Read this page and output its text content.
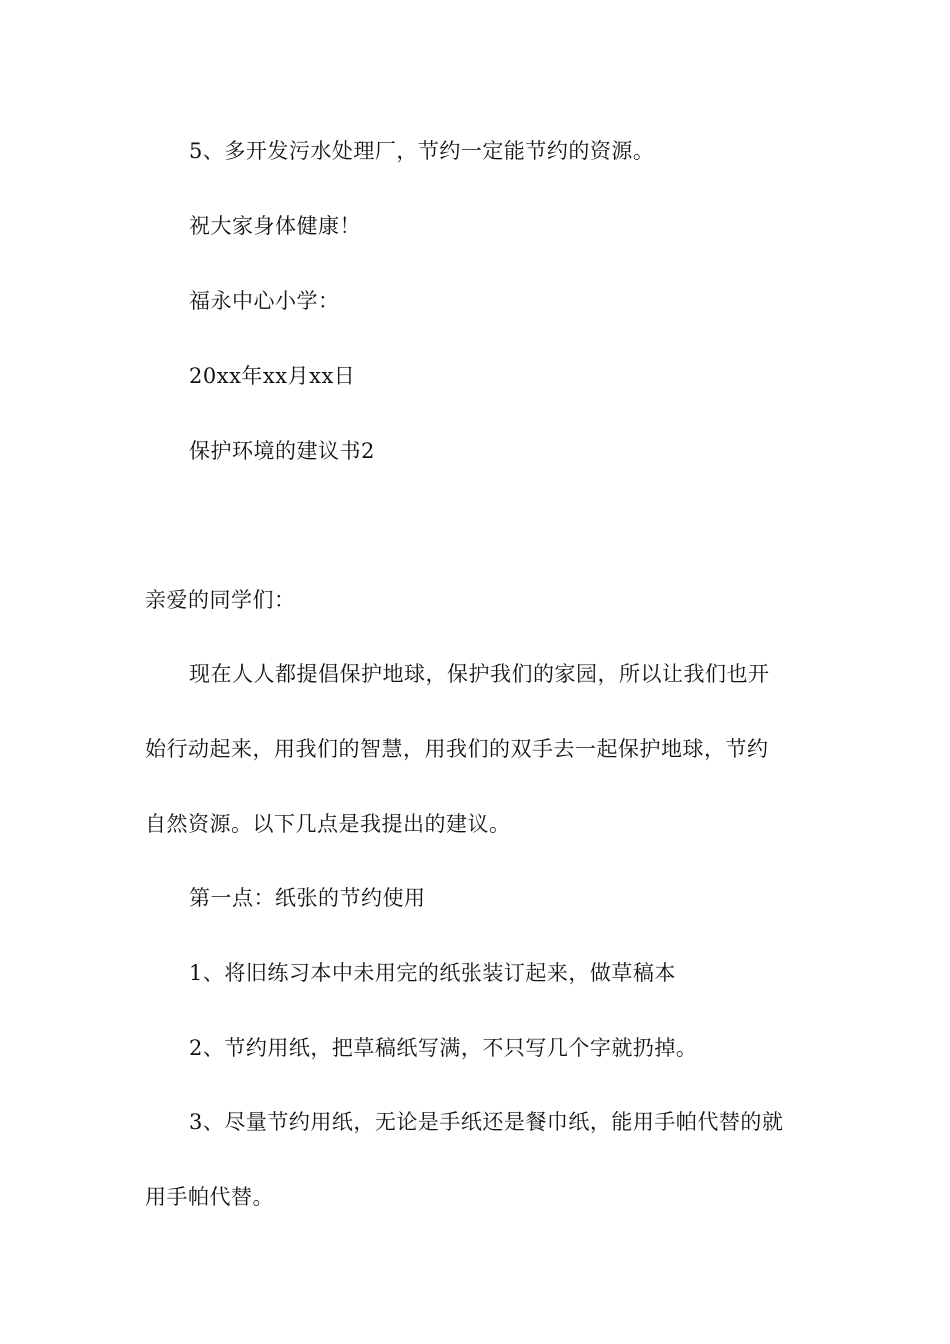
5、多开发污水处理厂，节约一定能节约的资源。
祝大家身体健康！
福永中心小学：
20xx年xx月xx日
保护环境的建议书2
亲爱的同学们：
现在人人都提倡保护地球，保护我们的家园，所以让我们也开
始行动起来，用我们的智慧，用我们的双手去一起保护地球，节约
自然资源。以下几点是我提出的建议。
第一点：纸张的节约使用
1、将旧练习本中未用完的纸张装订起来，做草稿本
2、节约用纸，把草稿纸写满，不只写几个字就扔掉。
3、尽量节约用纸，无论是手纸还是餐巾纸，能用手帕代替的就
用手帕代替。
